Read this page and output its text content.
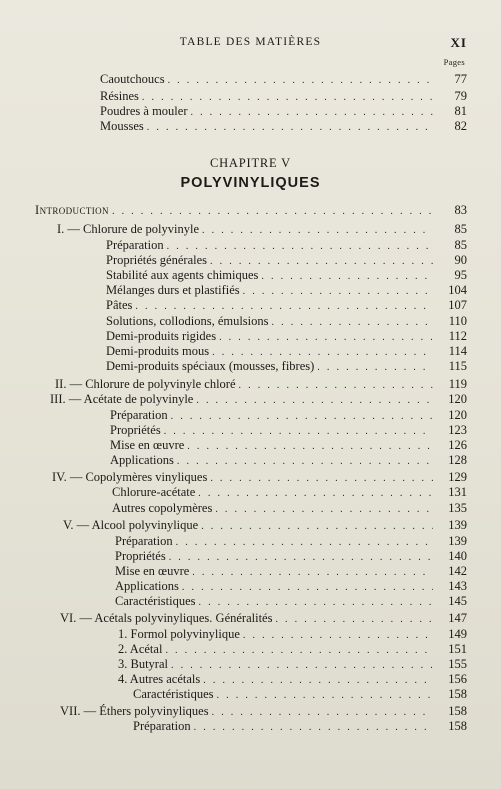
TABLE DES MATIÈRES	XI
Pages
Caoutchoucs . . .	77
Résines . . .	79
Poudres à mouler . . .	81
Mousses . . .	82
CHAPITRE V
POLYVINYLIQUES
Introduction . . .	83
I. — Chlorure de polyvinyle . . .	85
Préparation . . .	85
Propriétés générales . . .	90
Stabilité aux agents chimiques . . .	95
Mélanges durs et plastifiés . . .	104
Pâtes . . .	107
Solutions, collodions, émulsions . . .	110
Demi-produits rigides . . .	112
Demi-produits mous . . .	114
Demi-produits spéciaux (mousses, fibres) . . .	115
II. — Chlorure de polyvinyle chloré . . .	119
III. — Acétate de polyvinyle . . .	120
Préparation . . .	120
Propriétés . . .	123
Mise en œuvre . . .	126
Applications . . .	128
IV. — Copolymères vinyliques . . .	129
Chlorure-acétate . . .	131
Autres copolymères . . .	135
V. — Alcool polyvinylique . . .	139
Préparation . . .	139
Propriétés . . .	140
Mise en œuvre . . .	142
Applications . . .	143
Caractéristiques . . .	145
VI. — Acétals polyvinyliques. Généralités . . .	147
1. Formol polyvinylique . . .	149
2. Acétal . . .	151
3. Butyral . . .	155
4. Autres acétals . . .	156
Caractéristiques . . .	158
VII. — Éthers polyvinyliques . . .	158
Préparation . . .	158
